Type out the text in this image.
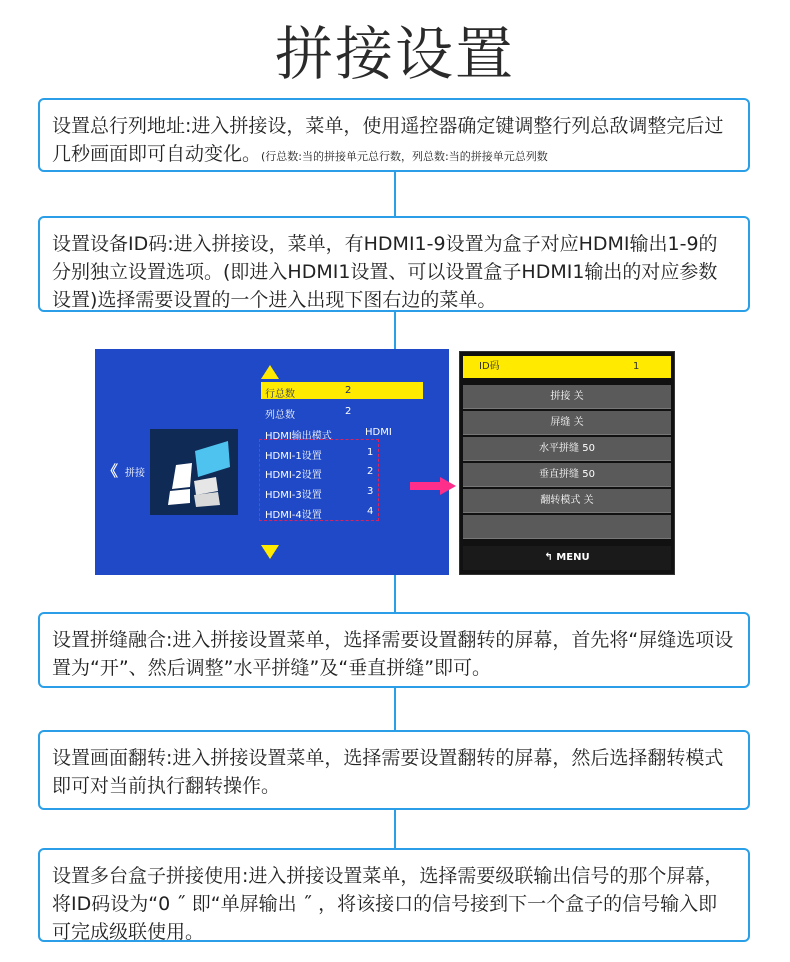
拼接设置
设置总行列地址:进入拼接设，菜单，使用遥控器确定键调整行列总敌调整完后过几秒画面即可自动变化。(行总数:当的拼接单元总行数，列总数:当的拼接单元总列数
设置设备ID码:进入拼接设，菜单，有HDMI1-9设置为盒子对应HDMI输出1-9的分别独立设置选项。(即进入HDMI1设置、可以设置盒子HDMI1输出的对应参数设置)选择需要设置的一个进入出现下图右边的菜单。
《 拼接
行总数	2
列总数	2
HDMI输出模式	HDMI
HDMI-1设置	1
HDMI-2设置	2
HDMI-3设置	3
HDMI-4设置	4
ID码	1
拼接 关
屏缝 关
水平拼缝 50
垂直拼缝 50
翻转模式 关
↰ MENU
设置拼缝融合:进入拼接设置菜单，选择需要设置翻转的屏幕，首先将“屏缝选项设置为“开”、然后调整”水平拼缝”及“垂直拼缝”即可。
设置画面翻转:进入拼接设置菜单，选择需要设置翻转的屏幕，然后选择翻转模式即可对当前执行翻转操作。
设置多台盒子拼接使用:进入拼接设置菜单，选择需要级联输出信号的那个屏幕，将ID码设为“0 ˝ 即“单屏输出 ˝ ，将该接口的信号接到下一个盒子的信号输入即可完成级联使用。
